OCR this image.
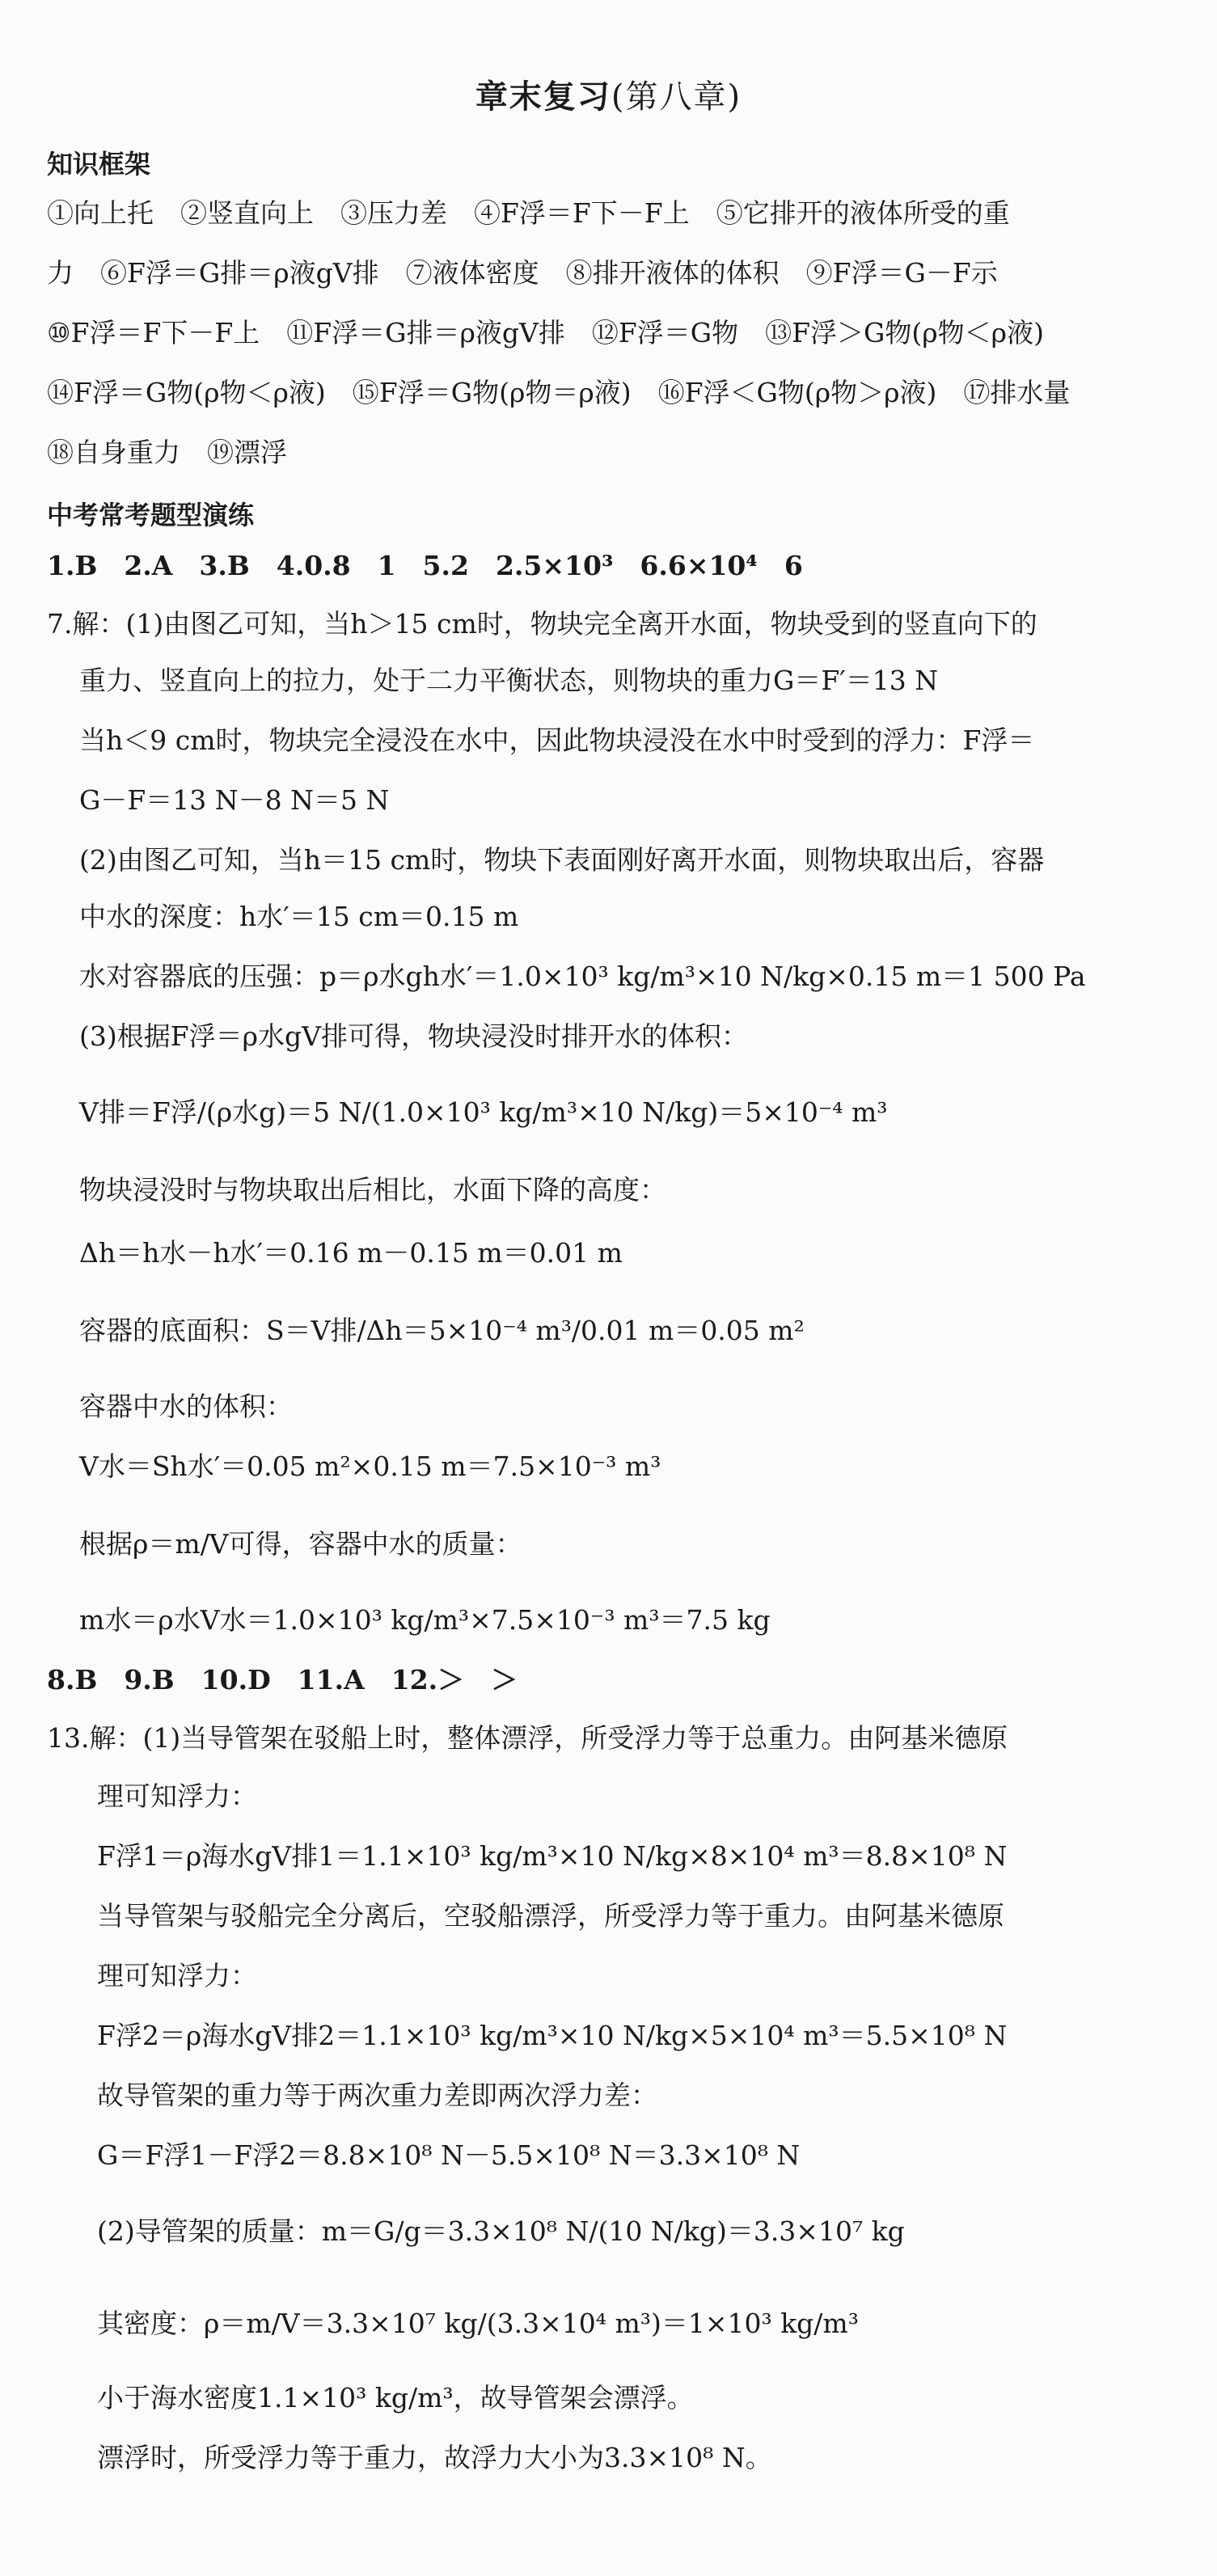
章末复习(第八章)
知识框架
①向上托　②竖直向上　③压力差　④F浮＝F下－F上　⑤它排开的液体所受的重
力　⑥F浮＝G排＝ρ液gV排　⑦液体密度　⑧排开液体的体积　⑨F浮＝G－F示
⑩F浮＝F下－F上　⑪F浮＝G排＝ρ液gV排　⑫F浮＝G物　⑬F浮＞G物(ρ物＜ρ液)
⑭F浮＝G物(ρ物＜ρ液)　⑮F浮＝G物(ρ物＝ρ液)　⑯F浮＜G物(ρ物＞ρ液)　⑰排水量
⑱自身重力　⑲漂浮
中考常考题型演练
1.B　2.A　3.B　4.0.8　1　5.2　2.5×10³　6.6×10⁴　6
7.解：(1)由图乙可知，当h＞15 cm时，物块完全离开水面，物块受到的竖直向下的
重力、竖直向上的拉力，处于二力平衡状态，则物块的重力G＝F′＝13 N
当h＜9 cm时，物块完全浸没在水中，因此物块浸没在水中时受到的浮力：F浮＝
G－F＝13 N－8 N＝5 N
(2)由图乙可知，当h＝15 cm时，物块下表面刚好离开水面，则物块取出后，容器
中水的深度：h水′＝15 cm＝0.15 m
水对容器底的压强：p＝ρ水gh水′＝1.0×10³ kg/m³×10 N/kg×0.15 m＝1 500 Pa
(3)根据F浮＝ρ水gV排可得，物块浸没时排开水的体积：
V排＝F浮/(ρ水g)＝5 N/(1.0×10³ kg/m³×10 N/kg)＝5×10⁻⁴ m³
物块浸没时与物块取出后相比，水面下降的高度：
Δh＝h水－h水′＝0.16 m－0.15 m＝0.01 m
容器的底面积：S＝V排/Δh＝5×10⁻⁴ m³/0.01 m＝0.05 m²
容器中水的体积：
V水＝Sh水′＝0.05 m²×0.15 m＝7.5×10⁻³ m³
根据ρ＝m/V可得，容器中水的质量：
m水＝ρ水V水＝1.0×10³ kg/m³×7.5×10⁻³ m³＝7.5 kg
8.B　9.B　10.D　11.A　12.＞　＞
13.解：(1)当导管架在驳船上时，整体漂浮，所受浮力等于总重力。由阿基米德原
理可知浮力：
F浮1＝ρ海水gV排1＝1.1×10³ kg/m³×10 N/kg×8×10⁴ m³＝8.8×10⁸ N
当导管架与驳船完全分离后，空驳船漂浮，所受浮力等于重力。由阿基米德原
理可知浮力：
F浮2＝ρ海水gV排2＝1.1×10³ kg/m³×10 N/kg×5×10⁴ m³＝5.5×10⁸ N
故导管架的重力等于两次重力差即两次浮力差：
G＝F浮1－F浮2＝8.8×10⁸ N－5.5×10⁸ N＝3.3×10⁸ N
(2)导管架的质量：m＝G/g＝3.3×10⁸ N/(10 N/kg)＝3.3×10⁷ kg
其密度：ρ＝m/V＝3.3×10⁷ kg/(3.3×10⁴ m³)＝1×10³ kg/m³
小于海水密度1.1×10³ kg/m³，故导管架会漂浮。
漂浮时，所受浮力等于重力，故浮力大小为3.3×10⁸ N。
